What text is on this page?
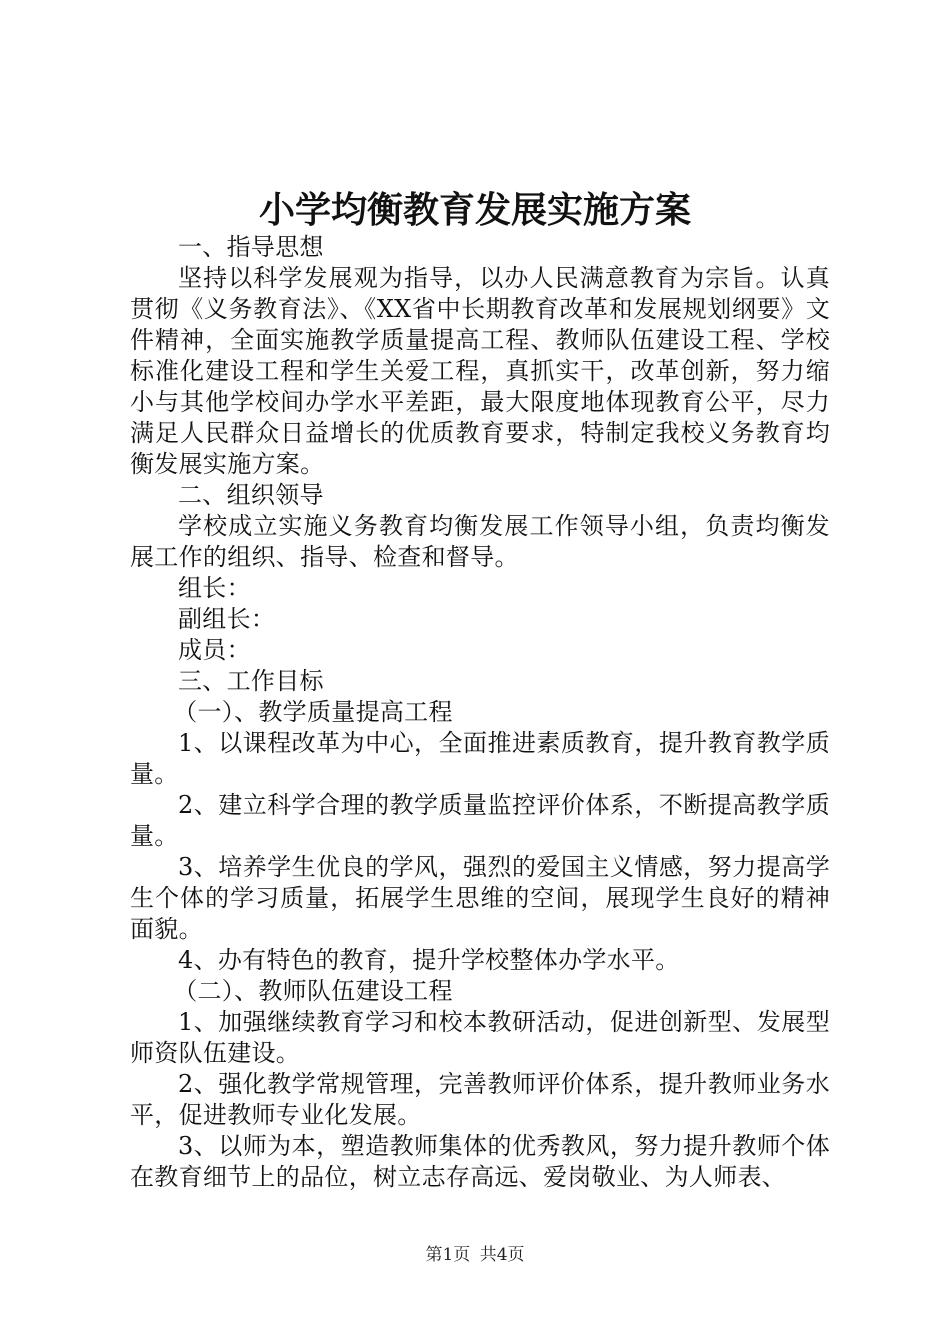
小学均衡教育发展实施方案

一、指导思想

坚持以科学发展观为指导，以办人民满意教育为宗旨。认真贯彻《义务教育法》、《XX省中长期教育改革和发展规划纲要》文件精神，全面实施教学质量提高工程、教师队伍建设工程、学校标准化建设工程和学生关爱工程，真抓实干，改革创新，努力缩小与其他学校间办学水平差距，最大限度地体现教育公平，尽力满足人民群众日益增长的优质教育要求，特制定我校义务教育均衡发展实施方案。

二、组织领导

学校成立实施义务教育均衡发展工作领导小组，负责均衡发展工作的组织、指导、检查和督导。

组长：

副组长：

成员：

三、工作目标

（一）、教学质量提高工程

1、以课程改革为中心，全面推进素质教育，提升教育教学质量。

2、建立科学合理的教学质量监控评价体系，不断提高教学质量。

3、培养学生优良的学风，强烈的爱国主义情感，努力提高学生个体的学习质量，拓展学生思维的空间，展现学生良好的精神面貌。

4、办有特色的教育，提升学校整体办学水平。

（二）、教师队伍建设工程

1、加强继续教育学习和校本教研活动，促进创新型、发展型师资队伍建设。

2、强化教学常规管理，完善教师评价体系，提升教师业务水平，促进教师专业化发展。

3、以师为本，塑造教师集体的优秀教风，努力提升教师个体在教育细节上的品位，树立志存高远、爱岗敬业、为人师表、

第1页 共4页
